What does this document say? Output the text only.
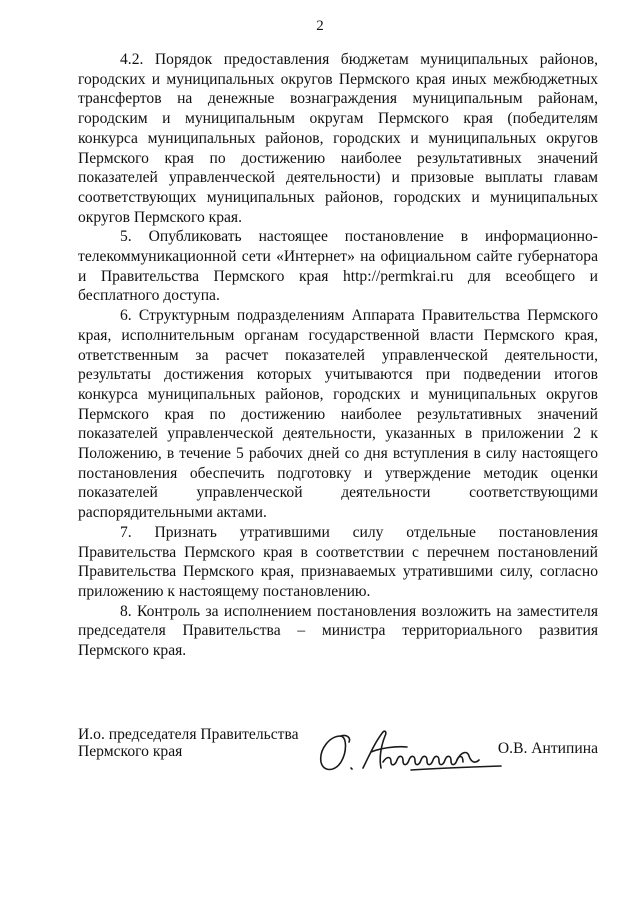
2

4.2. Порядок предоставления бюджетам муниципальных районов, городских и муниципальных округов Пермского края иных межбюджетных трансфертов на денежные вознаграждения муниципальным районам, городским и муниципальным округам Пермского края (победителям конкурса муниципальных районов, городских и муниципальных округов Пермского края по достижению наиболее результативных значений показателей управленческой деятельности) и призовые выплаты главам соответствующих муниципальных районов, городских и муниципальных округов Пермского края.

5. Опубликовать настоящее постановление в информационно-телекоммуникационной сети «Интернет» на официальном сайте губернатора и Правительства Пермского края http://permkrai.ru для всеобщего и бесплатного доступа.

6. Структурным подразделениям Аппарата Правительства Пермского края, исполнительным органам государственной власти Пермского края, ответственным за расчет показателей управленческой деятельности, результаты достижения которых учитываются при подведении итогов конкурса муниципальных районов, городских и муниципальных округов Пермского края по достижению наиболее результативных значений показателей управленческой деятельности, указанных в приложении 2 к Положению, в течение 5 рабочих дней со дня вступления в силу настоящего постановления обеспечить подготовку и утверждение методик оценки показателей управленческой деятельности соответствующими распорядительными актами.

7. Признать утратившими силу отдельные постановления Правительства Пермского края в соответствии с перечнем постановлений Правительства Пермского края, признаваемых утратившими силу, согласно приложению к настоящему постановлению.

8. Контроль за исполнением постановления возложить на заместителя председателя Правительства – министра территориального развития Пермского края.

И.о. председателя Правительства
Пермского края	О.В. Антипина
